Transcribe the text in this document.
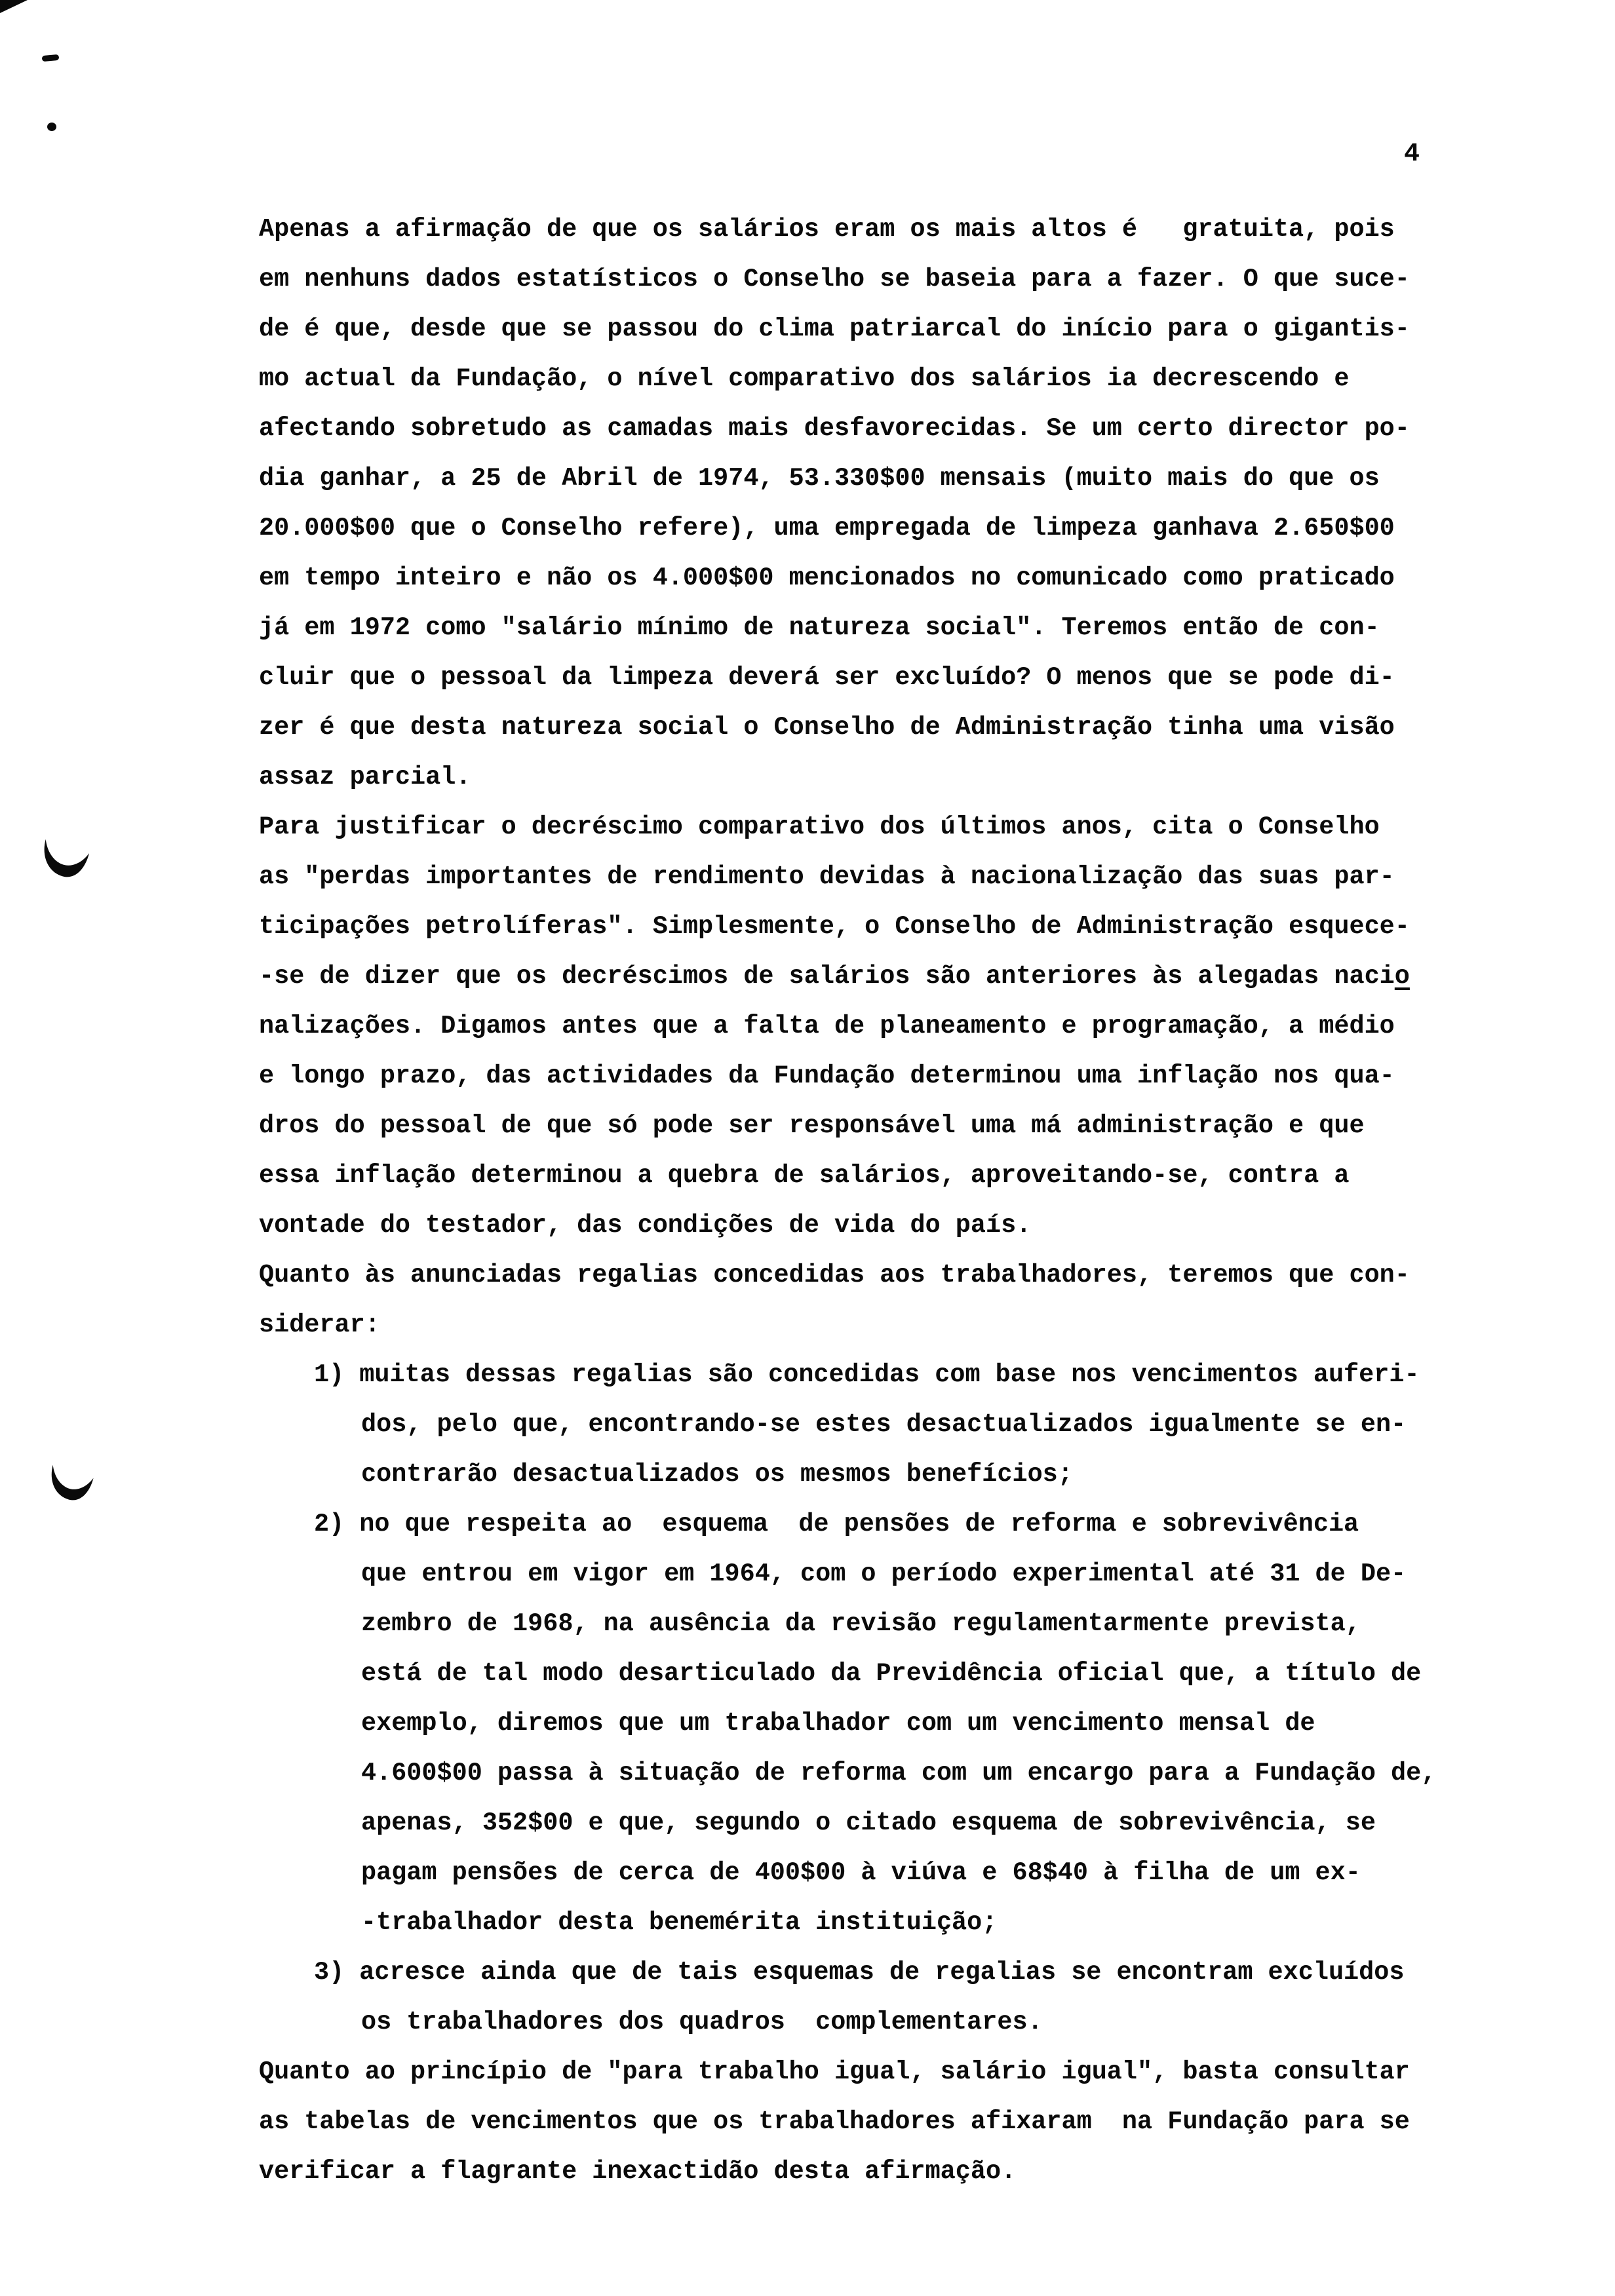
4
Apenas a afirmação de que os salários eram os mais altos é   gratuita, pois
em nenhuns dados estatísticos o Conselho se baseia para a fazer. O que suce-
de é que, desde que se passou do clima patriarcal do início para o gigantis-
mo actual da Fundação, o nível comparativo dos salários ia decrescendo e
afectando sobretudo as camadas mais desfavorecidas. Se um certo director po-
dia ganhar, a 25 de Abril de 1974, 53.330$00 mensais (muito mais do que os
20.000$00 que o Conselho refere), uma empregada de limpeza ganhava 2.650$00
em tempo inteiro e não os 4.000$00 mencionados no comunicado como praticado
já em 1972 como "salário mínimo de natureza social". Teremos então de con-
cluir que o pessoal da limpeza deverá ser excluído? O menos que se pode di-
zer é que desta natureza social o Conselho de Administração tinha uma visão
assaz parcial.
Para justificar o decréscimo comparativo dos últimos anos, cita o Conselho
as "perdas importantes de rendimento devidas à nacionalização das suas par-
ticipações petrolíferas". Simplesmente, o Conselho de Administração esquece-
-se de dizer que os decréscimos de salários são anteriores às alegadas nacio
nalizações. Digamos antes que a falta de planeamento e programação, a médio
e longo prazo, das actividades da Fundação determinou uma inflação nos qua-
dros do pessoal de que só pode ser responsável uma má administração e que
essa inflação determinou a quebra de salários, aproveitando-se, contra a
vontade do testador, das condições de vida do país.
Quanto às anunciadas regalias concedidas aos trabalhadores, teremos que con-
siderar:
1) muitas dessas regalias são concedidas com base nos vencimentos auferi-
dos, pelo que, encontrando-se estes desactualizados igualmente se en-
contrarão desactualizados os mesmos benefícios;
2) no que respeita ao  esquema  de pensões de reforma e sobrevivência
que entrou em vigor em 1964, com o período experimental até 31 de De-
zembro de 1968, na ausência da revisão regulamentarmente prevista,
está de tal modo desarticulado da Previdência oficial que, a título de
exemplo, diremos que um trabalhador com um vencimento mensal de
4.600$00 passa à situação de reforma com um encargo para a Fundação de,
apenas, 352$00 e que, segundo o citado esquema de sobrevivência, se
pagam pensões de cerca de 400$00 à viúva e 68$40 à filha de um ex-
-trabalhador desta benemérita instituição;
3) acresce ainda que de tais esquemas de regalias se encontram excluídos
os trabalhadores dos quadros  complementares.
Quanto ao princípio de "para trabalho igual, salário igual", basta consultar
as tabelas de vencimentos que os trabalhadores afixaram  na Fundação para se
verificar a flagrante inexactidão desta afirmação.
